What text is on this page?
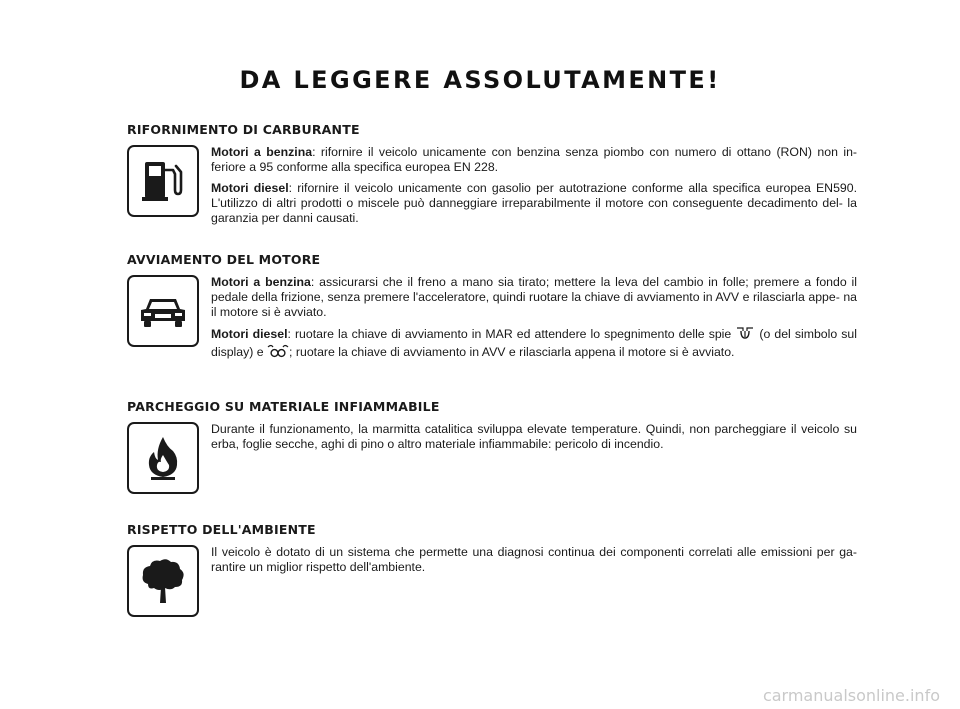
DA LEGGERE ASSOLUTAMENTE!
RIFORNIMENTO DI CARBURANTE

Motori a benzina: rifornire il veicolo unicamente con benzina senza piombo con numero di ottano (RON) non in- feriore a 95 conforme alla specifica europea EN 228.

Motori diesel: rifornire il veicolo unicamente con gasolio per autotrazione conforme alla specifica europea EN590. L'utilizzo di altri prodotti o miscele può danneggiare irreparabilmente il motore con conseguente decadimento del- la garanzia per danni causati.

AVVIAMENTO DEL MOTORE

Motori a benzina: assicurarsi che il freno a mano sia tirato; mettere la leva del cambio in folle; premere a fondo il pedale della frizione, senza premere l'acceleratore, quindi ruotare la chiave di avviamento in AVV e rilasciarla appe- na il motore si è avviato.

Motori diesel: ruotare la chiave di avviamento in MAR ed attendere lo spegnimento delle spie  (o del simbolo sul display) e ; ruotare la chiave di avviamento in AVV e rilasciarla appena il motore si è avviato.

PARCHEGGIO SU MATERIALE INFIAMMABILE

Durante il funzionamento, la marmitta catalitica sviluppa elevate temperature. Quindi, non parcheggiare il veicolo su erba, foglie secche, aghi di pino o altro materiale infiammabile: pericolo di incendio.

RISPETTO DELL'AMBIENTE

Il veicolo è dotato di un sistema che permette una diagnosi continua dei componenti correlati alle emissioni per ga- rantire un miglior rispetto dell'ambiente.

carmanualsonline.info
